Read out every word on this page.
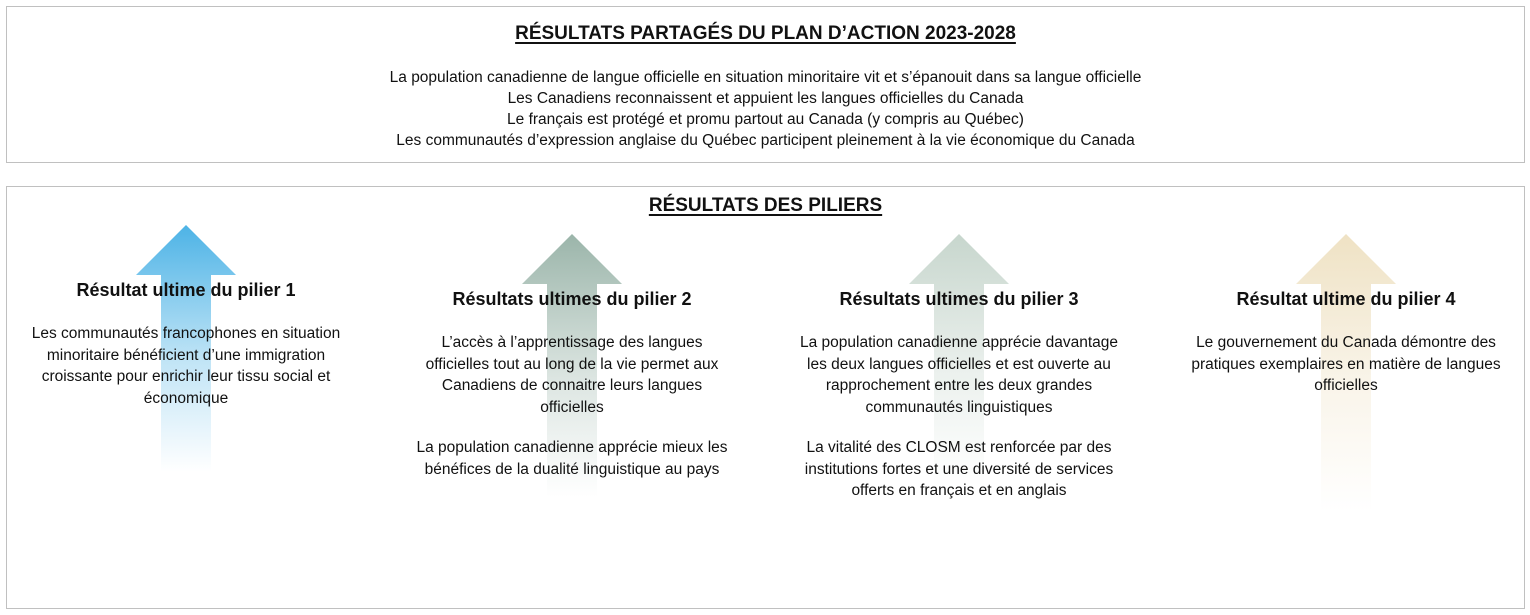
RÉSULTATS PARTAGÉS DU PLAN D’ACTION 2023-2028
La population canadienne de langue officielle en situation minoritaire vit et s’épanouit dans sa langue officielle
Les Canadiens reconnaissent et appuient les langues officielles du Canada
Le français est protégé et promu partout au Canada (y compris au Québec)
Les communautés d’expression anglaise du Québec participent pleinement à la vie économique du Canada
RÉSULTATS DES PILIERS
Résultat ultime du pilier 1

Les communautés francophones en situation minoritaire bénéficient d’une immigration croissante pour enrichir leur tissu social et économique

Résultats ultimes du pilier 2

L’accès à l’apprentissage des langues officielles tout au long de la vie permet aux Canadiens de connaitre leurs langues officielles

La population canadienne apprécie mieux les bénéfices de la dualité linguistique au pays

Résultats ultimes du pilier 3

La population canadienne apprécie davantage les deux langues officielles et est ouverte au rapprochement entre les deux grandes communautés linguistiques

La vitalité des CLOSM est renforcée par des institutions fortes et une diversité de services offerts en français et en anglais

Résultat ultime du pilier 4

Le gouvernement du Canada démontre des pratiques exemplaires en matière de langues officielles
